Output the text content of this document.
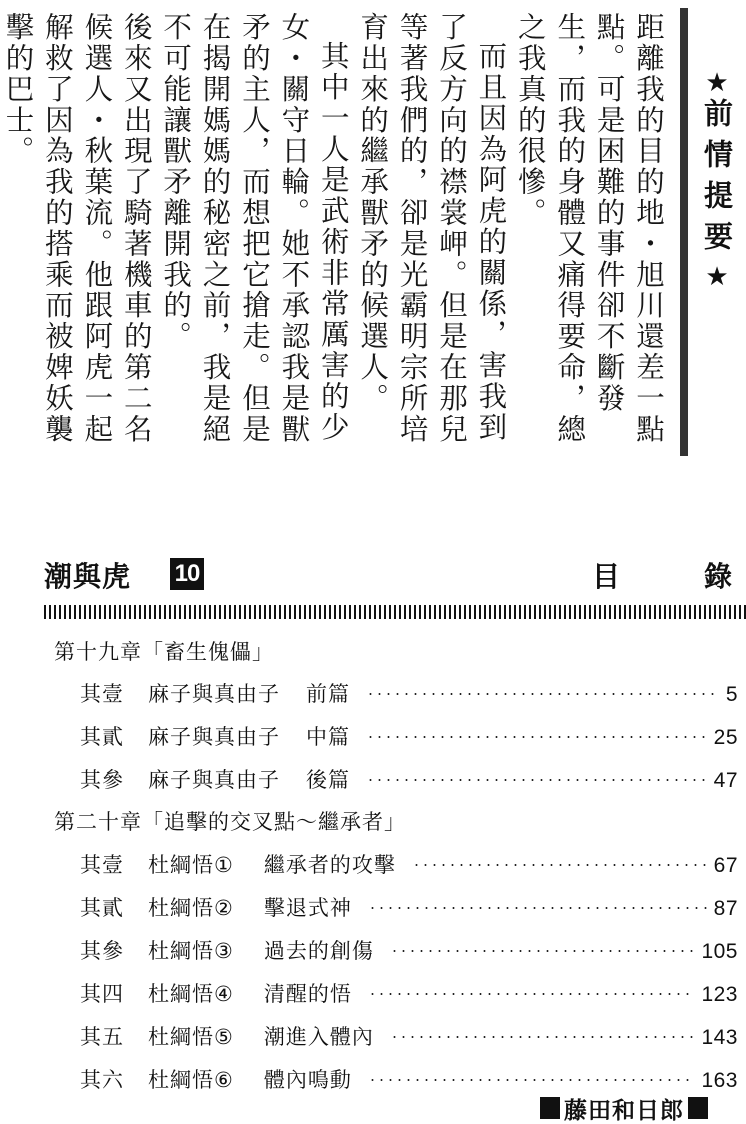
距離我的目的地・旭川還差一點點。可是困難的事件卻不斷發生，而我的身體又痛得要命，總之我真的很慘。

而且因為阿虎的關係，害我到了反方向的襟裳岬。但是在那兒等著我們的，卻是光霸明宗所培育出來的繼承獸矛的候選人。

其中一人是武術非常厲害的少女・關守日輪。她不承認我是獸矛的主人，而想把它搶走。但是在揭開媽媽的秘密之前，我是絕不可能讓獸矛離開我的。

後來又出現了騎著機車的第二名候選人・秋葉流。他跟阿虎一起解救了因為我的搭乘而被婢妖襲擊的巴士。	★前情提要★
潮與虎 10	目	錄
第十九章「畜生傀儡」
其壹	麻子與真由子 前篇	5
其貳	麻子與真由子 中篇	25
其參	麻子與真由子 後篇	47
第二十章「追擊的交叉點～繼承者」
其壹	杜綱悟① 繼承者的攻擊	67
其貳	杜綱悟② 擊退式神	87
其參	杜綱悟③ 過去的創傷	105
其四	杜綱悟④ 清醒的悟	123
其五	杜綱悟⑤ 潮進入體內	143
其六	杜綱悟⑥ 體內鳴動	163
藤田和日郎
